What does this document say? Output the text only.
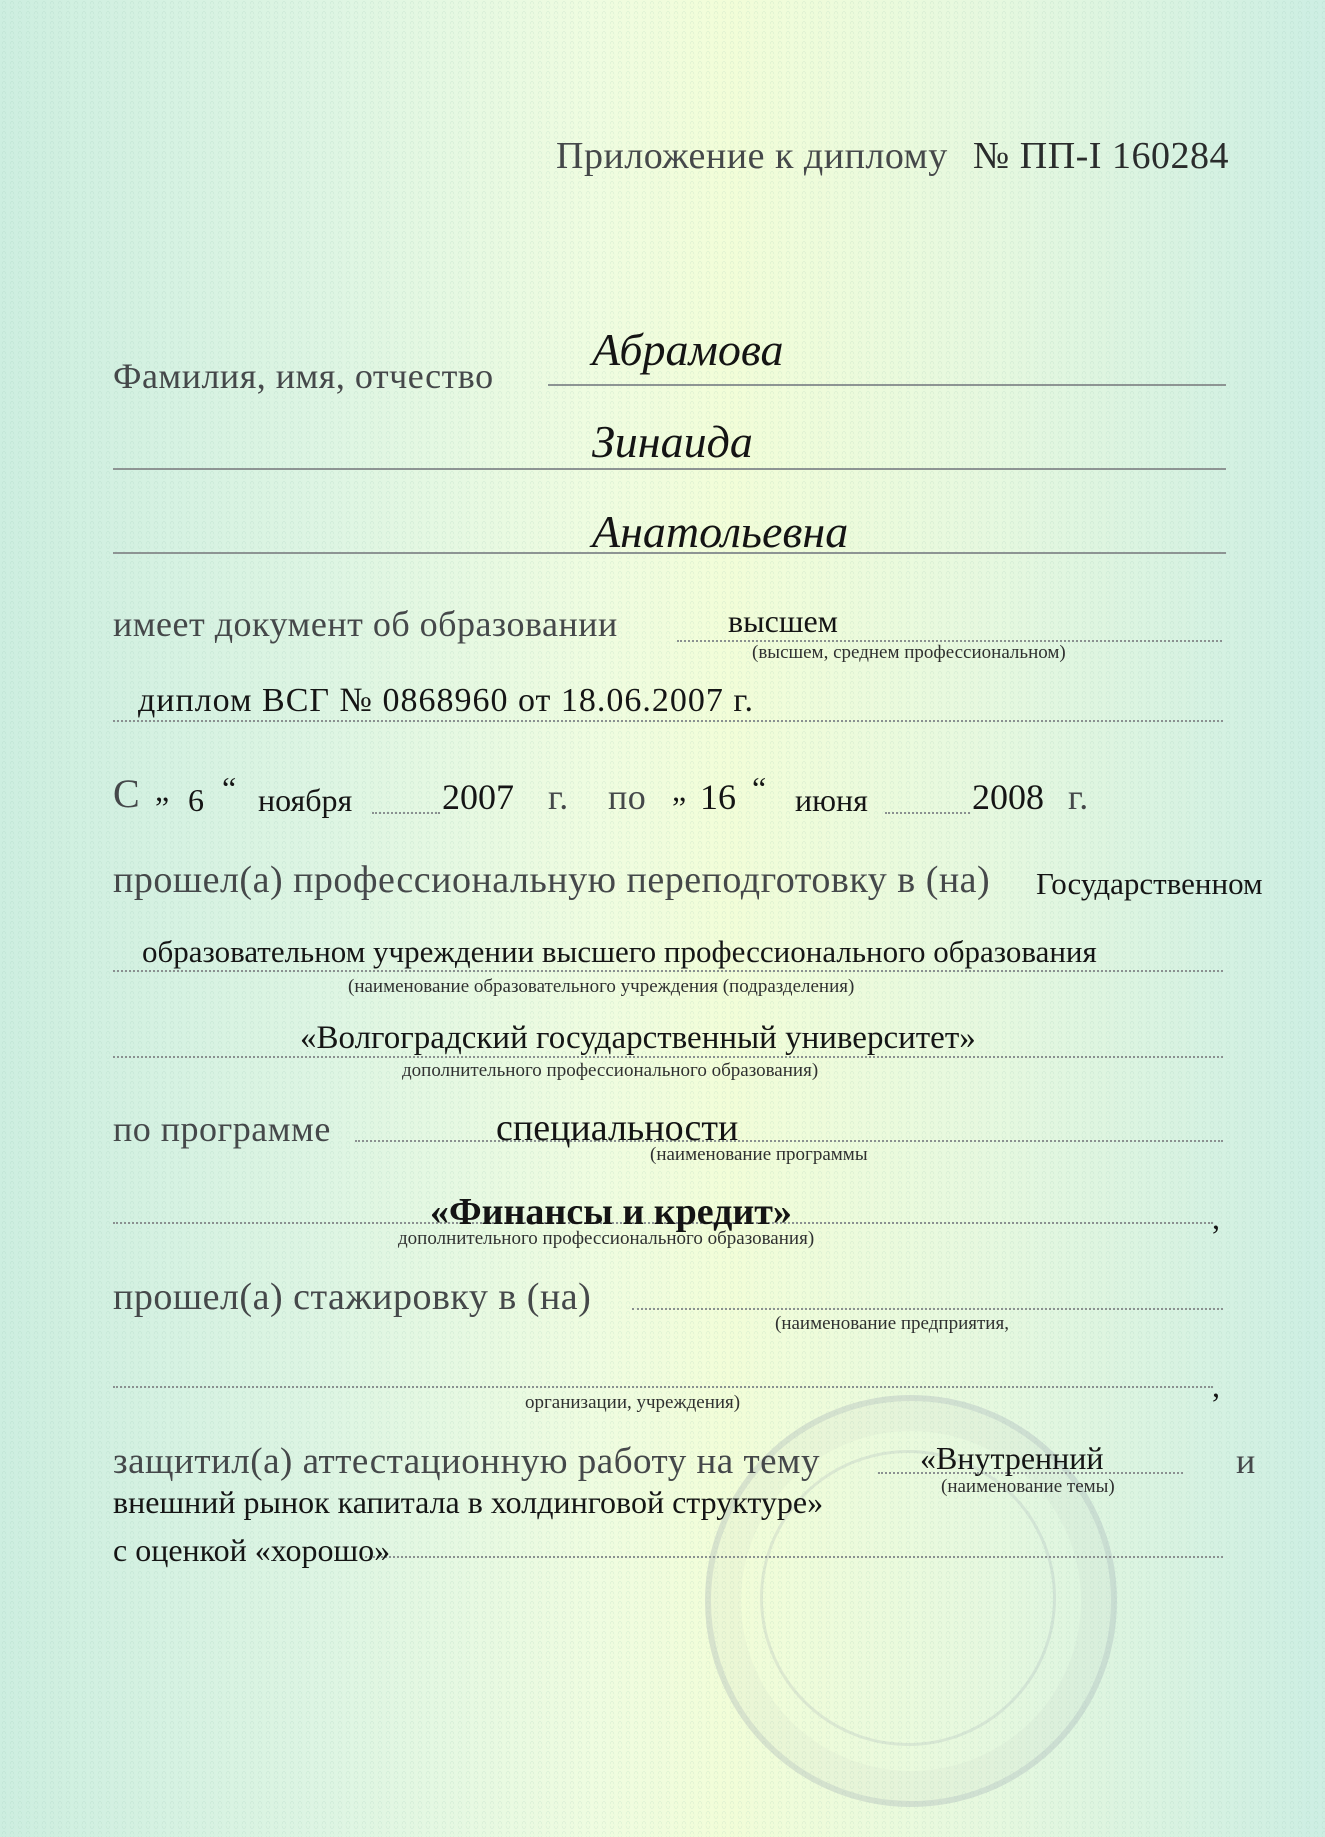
Приложение к диплому № ПП-I 160284
Фамилия, имя, отчество
Абрамова
Зинаида
Анатольевна
имеет документ об образовании	высшем
(высшем, среднем профессиональном)
диплом ВСГ № 0868960 от 18.06.2007 г.
С „ 6 “ ноября 2007 г. по „ 16 “ июня	2008 г.
прошел(а) профессиональную переподготовку в (на) Государственном
образовательном учреждении высшего профессионального образования
(наименование образовательного учреждения (подразделения)
«Волгоградский государственный университет»
дополнительного профессионального образования)
по программе	специальности
(наименование программы
«Финансы и кредит»	,
дополнительного профессионального образования)
прошел(а) стажировку в (на)
(наименование предприятия,
,
организации, учреждения)
защитил(а) аттестационную работу на тему	«Внутренний	и
(наименование темы)
внешний рынок капитала в холдинговой структуре»
с оценкой «хорошо»
